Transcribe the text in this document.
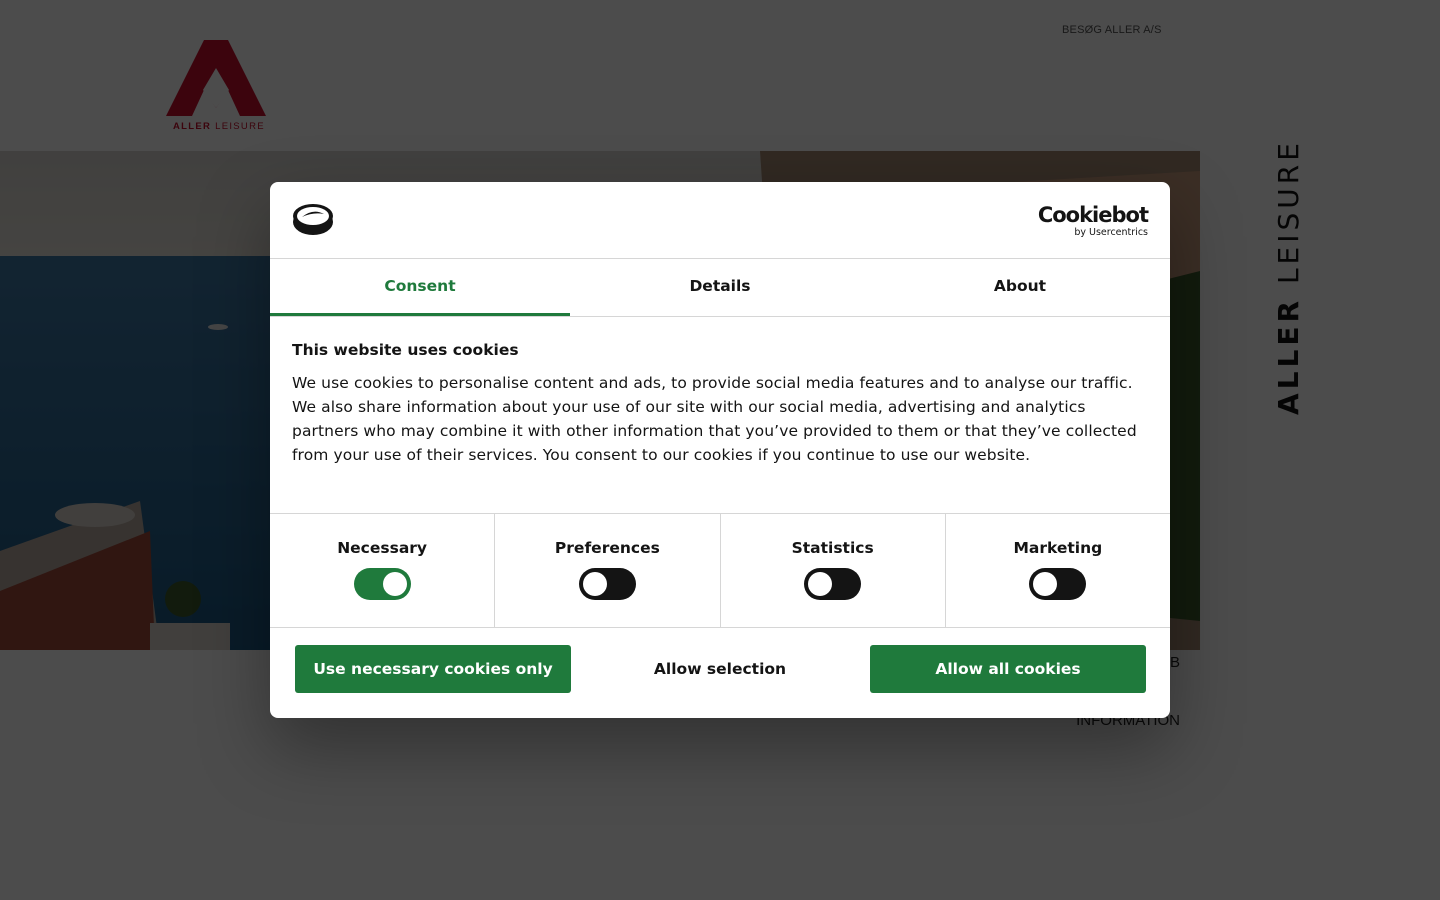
Cookiebot
by Usercentrics
Consent	Details	About
This website uses cookies

We use cookies to personalise content and ads, to provide social media features and to analyse our traffic. We also share information about your use of our site with our social media, advertising and analytics partners who may combine it with other information that you’ve provided to them or that they’ve collected from your use of their services. You consent to our cookies if you continue to use our website.

Necessary	Preferences	Statistics	Marketing
Use necessary cookies only	Allow selection	Allow all cookies
